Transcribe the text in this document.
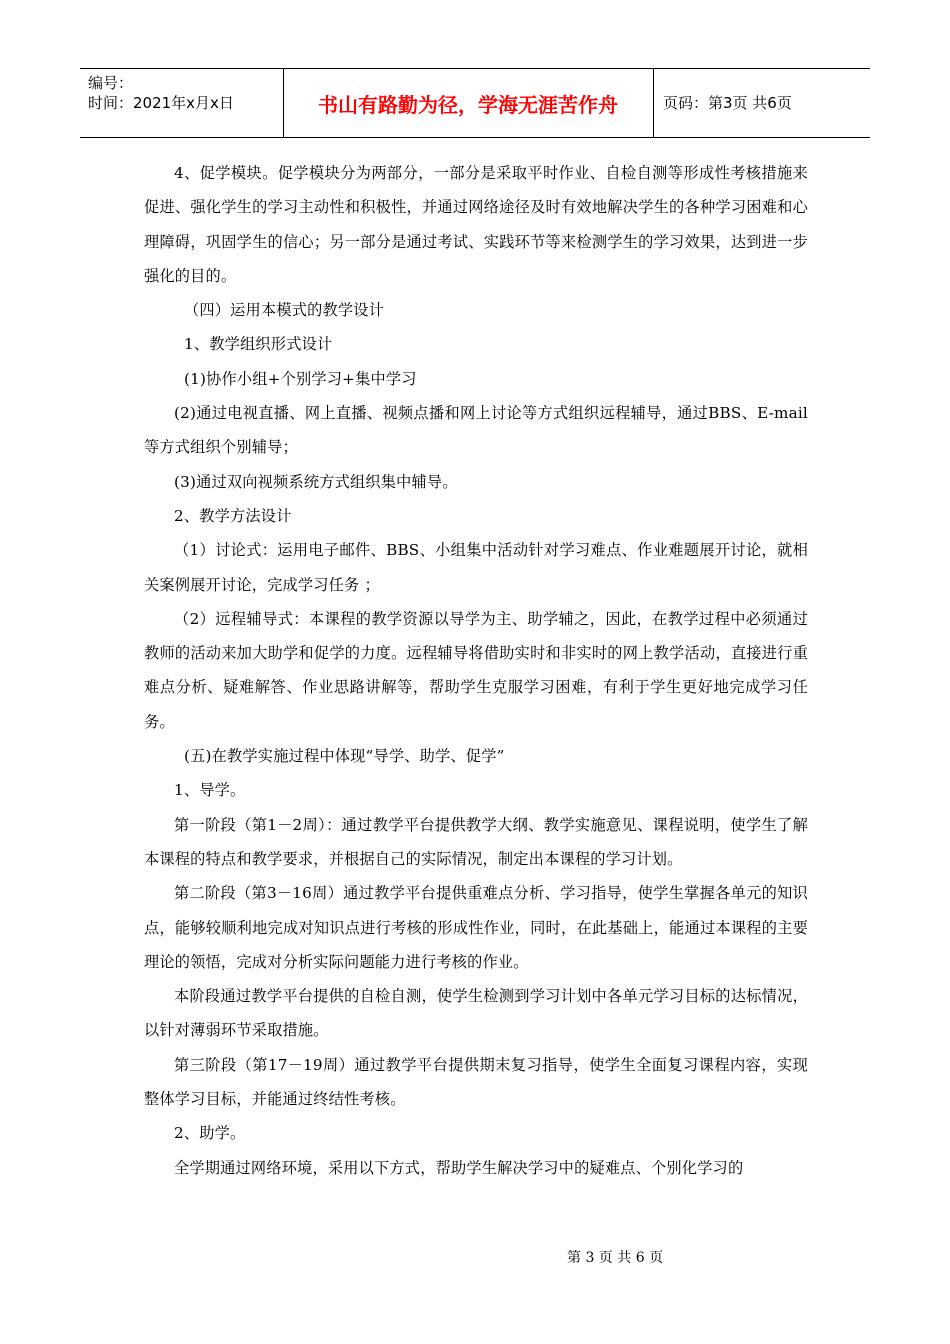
编号：
时间：2021年x月x日	书山有路勤为径，学海无涯苦作舟	页码：第3页 共6页

4、促学模块。促学模块分为两部分，一部分是采取平时作业、自检自测等形成性考核措施来促进、强化学生的学习主动性和积极性，并通过网络途径及时有效地解决学生的各种学习困难和心理障碍，巩固学生的信心；另一部分是通过考试、实践环节等来检测学生的学习效果，达到进一步强化的目的。

（四）运用本模式的教学设计

1、教学组织形式设计

(1)协作小组+个别学习+集中学习

(2)通过电视直播、网上直播、视频点播和网上讨论等方式组织远程辅导，通过BBS、E-mail等方式组织个别辅导；

(3)通过双向视频系统方式组织集中辅导。

2、教学方法设计

（1）讨论式：运用电子邮件、BBS、小组集中活动针对学习难点、作业难题展开讨论，就相关案例展开讨论，完成学习任务 ；

（2）远程辅导式：本课程的教学资源以导学为主、助学辅之，因此，在教学过程中必须通过教师的活动来加大助学和促学的力度。远程辅导将借助实时和非实时的网上教学活动，直接进行重难点分析、疑难解答、作业思路讲解等，帮助学生克服学习困难，有利于学生更好地完成学习任务。

(五)在教学实施过程中体现“导学、助学、促学”

1、导学。

第一阶段（第1－2周）：通过教学平台提供教学大纲、教学实施意见、课程说明，使学生了解本课程的特点和教学要求，并根据自己的实际情况，制定出本课程的学习计划。

第二阶段（第3－16周）通过教学平台提供重难点分析、学习指导，使学生掌握各单元的知识点，能够较顺利地完成对知识点进行考核的形成性作业，同时，在此基础上，能通过本课程的主要理论的领悟，完成对分析实际问题能力进行考核的作业。

本阶段通过教学平台提供的自检自测，使学生检测到学习计划中各单元学习目标的达标情况，以针对薄弱环节采取措施。

第三阶段（第17－19周）通过教学平台提供期末复习指导，使学生全面复习课程内容，实现整体学习目标，并能通过终结性考核。

2、助学。

全学期通过网络环境，采用以下方式，帮助学生解决学习中的疑难点、个别化学习的

第 3 页 共 6 页
